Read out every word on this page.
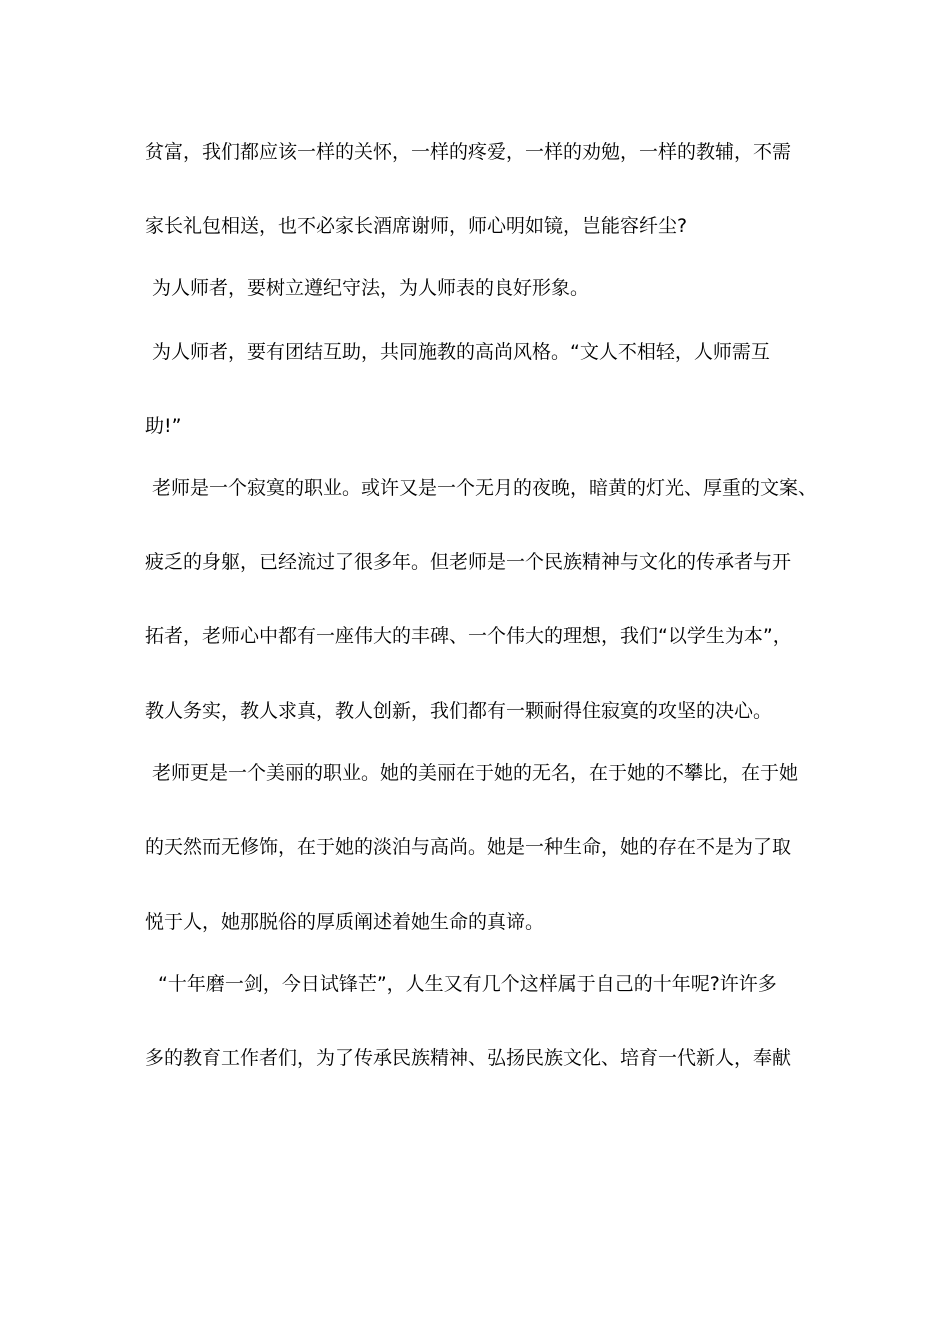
贫富，我们都应该一样的关怀，一样的疼爱，一样的劝勉，一样的教辅，不需
家长礼包相送，也不必家长酒席谢师，师心明如镜，岂能容纤尘?
为人师者，要树立遵纪守法，为人师表的良好形象。
为人师者，要有团结互助，共同施教的高尚风格。“文人不相轻，人师需互
助!”
老师是一个寂寞的职业。或许又是一个无月的夜晚，暗黄的灯光、厚重的文案、
疲乏的身躯，已经流过了很多年。但老师是一个民族精神与文化的传承者与开
拓者，老师心中都有一座伟大的丰碑、一个伟大的理想，我们“以学生为本”，
教人务实，教人求真，教人创新，我们都有一颗耐得住寂寞的攻坚的决心。
老师更是一个美丽的职业。她的美丽在于她的无名，在于她的不攀比，在于她
的天然而无修饰，在于她的淡泊与高尚。她是一种生命，她的存在不是为了取
悦于人，她那脱俗的厚质阐述着她生命的真谛。
“十年磨一剑，今日试锋芒”，人生又有几个这样属于自己的十年呢?许许多
多的教育工作者们，为了传承民族精神、弘扬民族文化、培育一代新人，奉献
